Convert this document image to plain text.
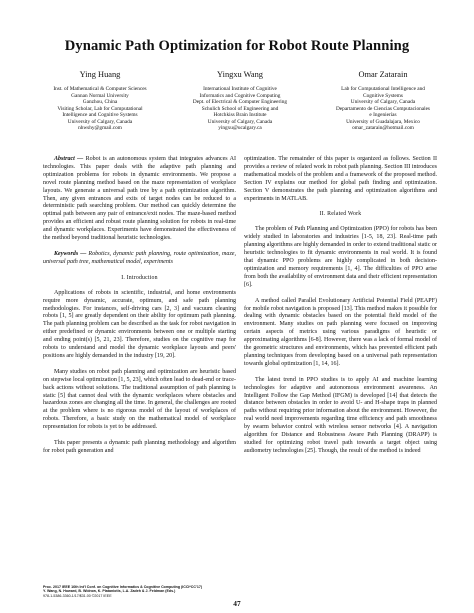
Dynamic Path Optimization for Robot Route Planning
Ying Huang
Inst. of Mathematical & Computer Sciences
Gannan Normal University
Ganzhou, China
Visiting Scholar, Lab for Computational
Intelligence and Cognitive Systems
University of Calgary, Canada
nhwshy@gmail.com
Yingxu Wang
International Institute of Cognitive
Informatics and Cognitive Computing
Dept. of Electrical & Computer Engineering
Schulich School of Engineering and
Hotchkiss Brain Institute
University of Calgary, Canada
yingxu@ucalgary.ca
Omar Zatarain
Lab for Computational Intelligence and
Cognitive Systems
University of Calgary, Canada
Departamento de Ciencias Computacionales
e Ingenierías
University of Guadalajara, Mexico
omar_zatarain@hotmail.com

Abstract — Robot is an autonomous system that integrates advances AI technologies. This paper deals with the adaptive path planning and optimization problems for robots in dynamic environments. We propose a novel route planning method based on the maze representation of workplace layouts. We generate a universal path tree by a path optimization algorithm. Then, any given entrances and exits of target nodes can be reduced to a deterministic path searching problem. Our method can quickly determine the optimal path between any pair of entrance/exit nodes. The maze-based method provides an efficient and robust route planning solution for robots in real-time and dynamic workplaces. Experiments have demonstrated the effectiveness of the method beyond traditional heuristic technologies.

Keywords — Robotics, dynamic path planning, route optimization, maze, universal path tree, mathematical model, experiments

I. Introduction

Applications of robots in scientific, industrial, and home environments require more dynamic, accurate, optimum, and safe path planning methodologies. For instances, self-driving cars [2, 3] and vacuum cleaning robots [1, 5] are greatly dependent on their ability for optimum path planning. The path planning problem can be described as the task for robot navigation in either predefined or dynamic environments between one or multiple starting and ending point(s) [5, 21, 23]. Therefore, studies on the cognitive map for robots to understand and model the dynamic workplace layouts and peers' positions are highly demanded in the industry [19, 20].

Many studies on robot path planning and optimization are heuristic based on stepwise local optimization [1, 5, 23], which often lead to dead-end or trace-back actions without solutions. The traditional assumption of path planning is static [5] that cannot deal with the dynamic workplaces where obstacles and hazardous zones are changing all the time. In general, the challenges are rooted at the problem where is no rigorous model of the layout of workplaces of robots. Therefore, a basic study on the mathematical model of workplace representation for robots is yet to be addressed.

This paper presents a dynamic path planning methodology and algorithm for robot path generation and

optimization. The remainder of this paper is organized as follows. Section II provides a review of related work in robot path planning. Section III introduces mathematical models of the problem and a framework of the proposed method. Section IV explains our method for global path finding and optimization. Section V demonstrates the path planning and optimization algorithms and experiments in MATLAB.

II. Related Work

The problem of Path Planning and Optimization (PPO) for robots has been widely studied in laboratories and industries [1-5, 18, 23]. Real-time path planning algorithms are highly demanded in order to extend traditional static or heuristic technologies to fit dynamic environments in real world. It is found that dynamic PPO problems are highly complicated in both decision-optimization and memory requirements [1, 4]. The difficulties of PPO arise from both the availability of environment data and their efficient representation [6].

A method called Parallel Evolutionary Artificial Potential Field (PEAPF) for mobile robot navigation is proposed [13]. This method makes it possible for dealing with dynamic obstacles based on the potential field model of the environment. Many studies on path planning were focused on improving certain aspects of metrics using various paradigms of heuristic or approximating algorithms [6-8]. However, there was a lack of formal model of the geometric structures and environments, which has prevented efficient path planning techniques from developing based on a universal path representation towards global optimization [1, 14, 16].

The latest trend in PPO studies is to apply AI and machine learning technologies for adaptive and autonomous environment awareness. An Intelligent Follow the Gap Method (IFGM) is developed [14] that detects the distance between obstacles in order to avoid U- and H-shape traps in planned paths without requiring prior information about the environment. However, the real world need improvements regarding time efficiency and path smoothness by swarm behavior control with wireless sensor networks [4]. A navigation algorithm for Distance and Robustness Aware Path Planning (DRAPP) is studied for optimizing robot travel path towards a target object using audiometry technologies [25]. Though, the result of the method is indeed

Proc. 2017 IEEE 16th Int'l Conf. on Cognitive Informatics & Cognitive Computing (ICCI*CC'17)
Y. Wang, N. Howard, B. Widrow, K. Plataniotis, L.A. Zadeh & J. Feldman (Eds.)
978-1-5386-3360-1/17/$31.00 ©2017 IEEE
47
